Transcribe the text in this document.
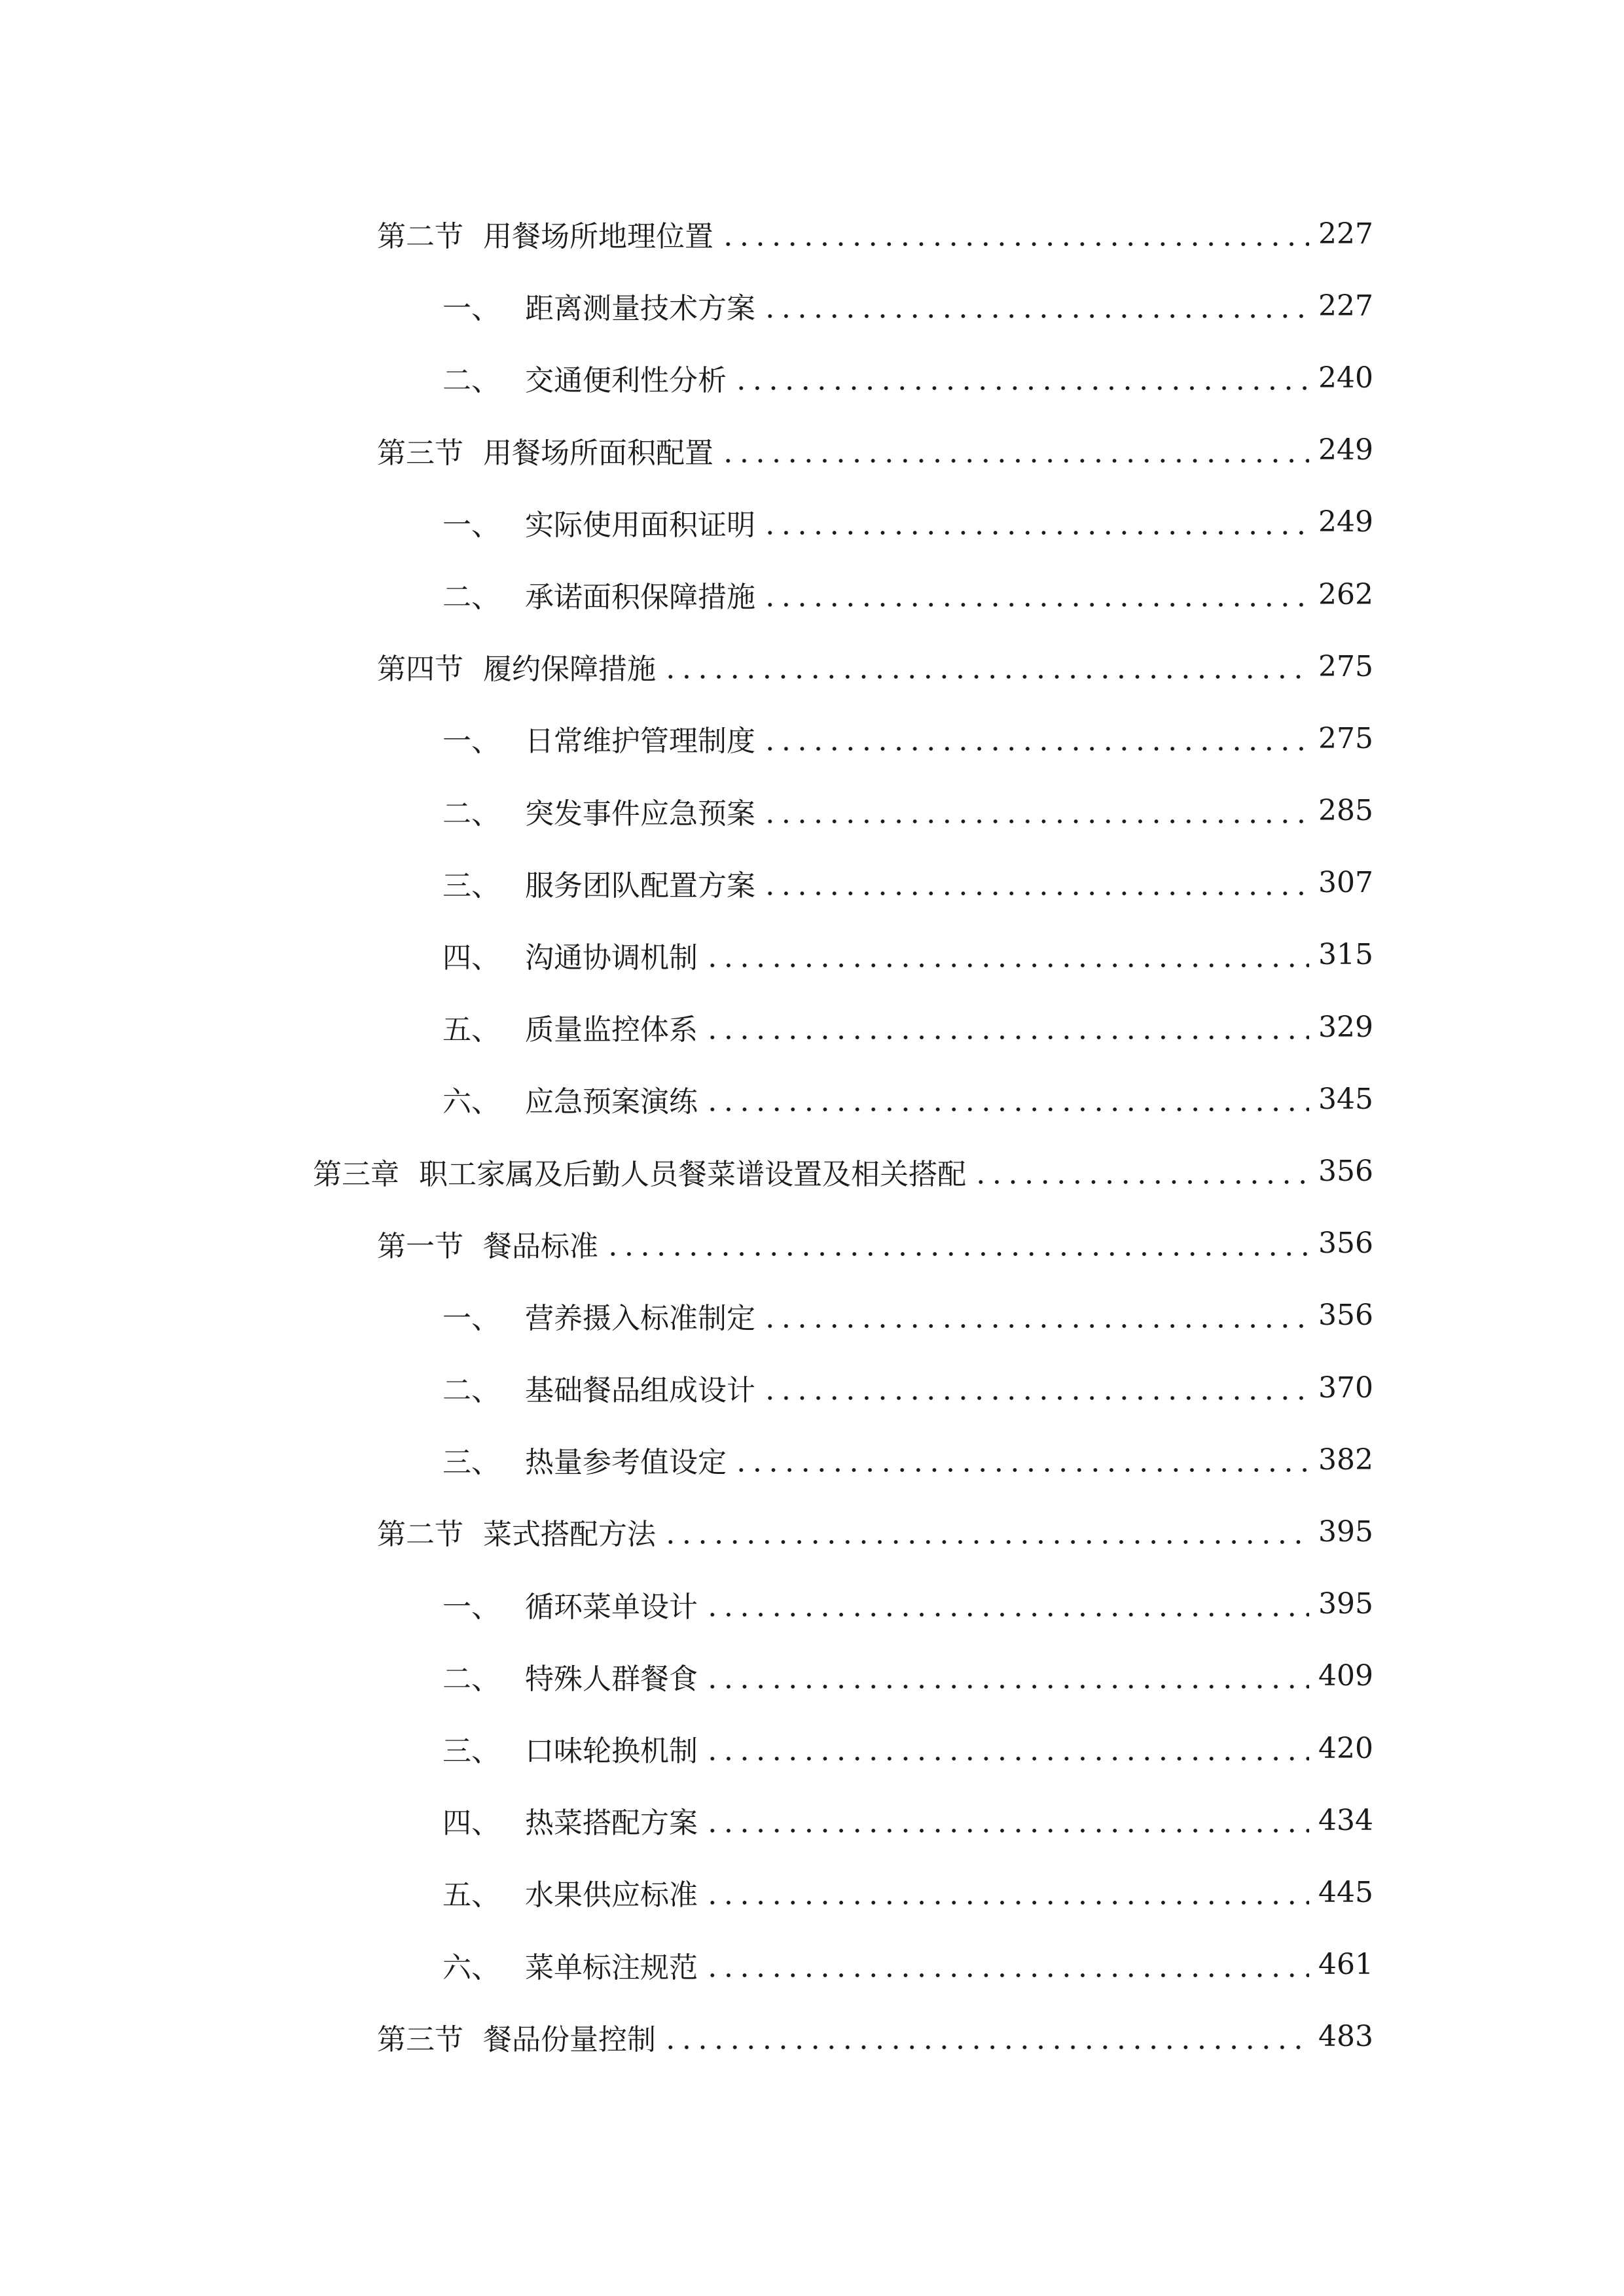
第二节 用餐场所地理位置	227
一、 距离测量技术方案	227
二、 交通便利性分析	240
第三节 用餐场所面积配置	249
一、 实际使用面积证明	249
二、 承诺面积保障措施	262
第四节 履约保障措施	275
一、 日常维护管理制度	275
二、 突发事件应急预案	285
三、 服务团队配置方案	307
四、 沟通协调机制	315
五、 质量监控体系	329
六、 应急预案演练	345
第三章 职工家属及后勤人员餐菜谱设置及相关搭配	356
第一节 餐品标准	356
一、 营养摄入标准制定	356
二、 基础餐品组成设计	370
三、 热量参考值设定	382
第二节 菜式搭配方法	395
一、 循环菜单设计	395
二、 特殊人群餐食	409
三、 口味轮换机制	420
四、 热菜搭配方案	434
五、 水果供应标准	445
六、 菜单标注规范	461
第三节 餐品份量控制	483
